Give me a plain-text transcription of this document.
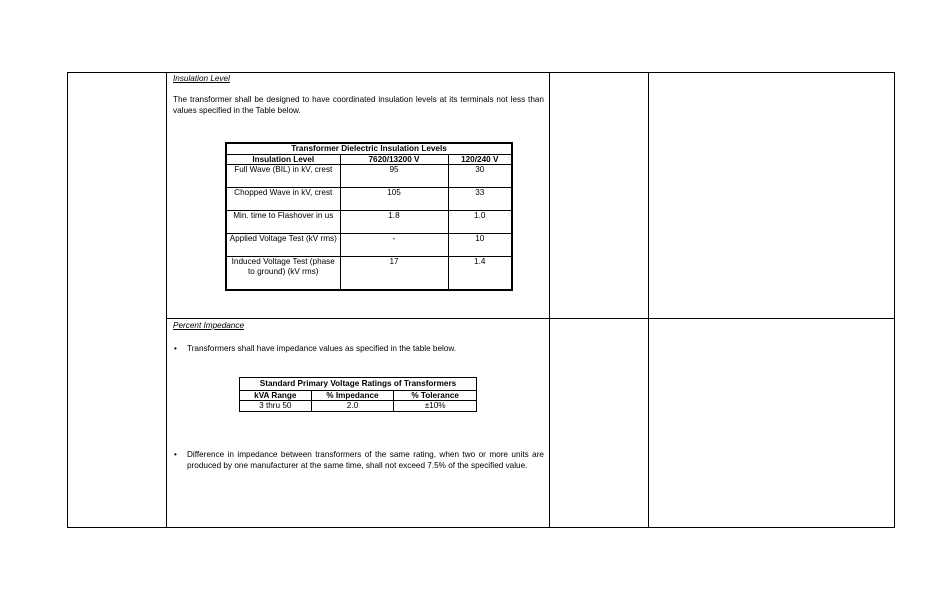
Insulation Level
The transformer shall be designed to have coordinated insulation levels at its terminals not less than values specified in the Table below.
Transformer Dielectric Insulation Levels		
Insulation Level	7620/13200 V	120/240 V
Full Wave (BIL) in kV, crest	95	30
Chopped Wave in kV, crest	105	33
Min. time to Flashover in us	1.8	1.0
Applied Voltage Test (kV rms)	-	10
Induced Voltage Test (phase to ground) (kV rms)	17	1.4
Percent Impedance
•	Transformers shall have impedance values as specified in the table below.
Standard Primary Voltage Ratings of Transformers		
kVA Range	% Impedance	% Tolerance
3 thru 50	2.0	±10%
•	Difference in impedance between transformers of the same rating, when two or more units are produced by one manufacturer at the same time, shall not exceed 7.5% of the specified value.
